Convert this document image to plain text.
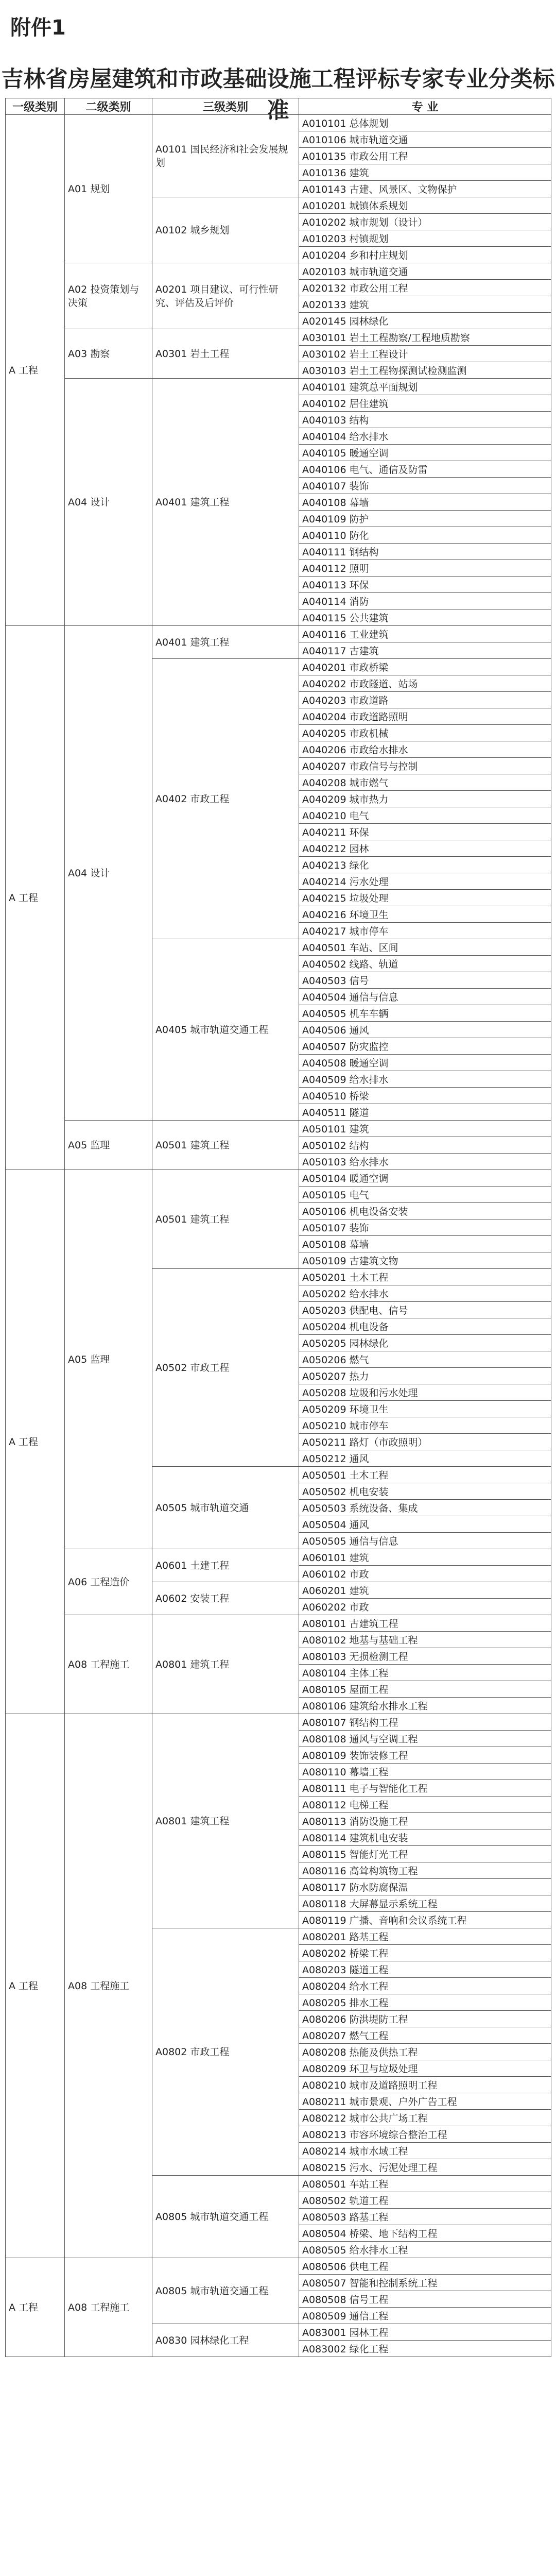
附件1
吉林省房屋建筑和市政基础设施工程评标专家专业分类标准
一级类别	二级类别	三级类别	专 业
A 工程	A01 规划	A0101 国民经济和社会发展规划	A010101 总体规划
			A010106 城市轨道交通
			A010135 市政公用工程
			A010136 建筑
			A010143 古建、风景区、文物保护
		A0102 城乡规划	A010201 城镇体系规划
			A010202 城市规划（设计）
			A010203 村镇规划
			A010204 乡和村庄规划
	A02 投资策划与决策	A0201 项目建议、可行性研究、评估及后评价	A020103 城市轨道交通
			A020132 市政公用工程
			A020133 建筑
			A020145 园林绿化
	A03 勘察	A0301 岩土工程	A030101 岩土工程勘察/工程地质勘察
			A030102 岩土工程设计
			A030103 岩土工程物探测试检测监测
	A04 设计	A0401 建筑工程	A040101 建筑总平面规划
			A040102 居住建筑
			A040103 结构
			A040104 给水排水
			A040105 暖通空调
			A040106 电气、通信及防雷
			A040107 装饰
			A040108 幕墙
			A040109 防护
			A040110 防化
			A040111 钢结构
			A040112 照明
			A040113 环保
			A040114 消防
			A040115 公共建筑
A 工程	A04 设计	A0401 建筑工程	A040116 工业建筑
			A040117 古建筑
		A0402 市政工程	A040201 市政桥梁
			A040202 市政隧道、站场
			A040203 市政道路
			A040204 市政道路照明
			A040205 市政机械
			A040206 市政给水排水
			A040207 市政信号与控制
			A040208 城市燃气
			A040209 城市热力
			A040210 电气
			A040211 环保
			A040212 园林
			A040213 绿化
			A040214 污水处理
			A040215 垃圾处理
			A040216 环境卫生
			A040217 城市停车
		A0405 城市轨道交通工程	A040501 车站、区间
			A040502 线路、轨道
			A040503 信号
			A040504 通信与信息
			A040505 机车车辆
			A040506 通风
			A040507 防灾监控
			A040508 暖通空调
			A040509 给水排水
			A040510 桥梁
			A040511 隧道
	A05 监理	A0501 建筑工程	A050101 建筑
			A050102 结构
			A050103 给水排水
A 工程	A05 监理	A0501 建筑工程	A050104 暖通空调
			A050105 电气
			A050106 机电设备安装
			A050107 装饰
			A050108 幕墙
			A050109 古建筑文物
		A0502 市政工程	A050201 土木工程
			A050202 给水排水
			A050203 供配电、信号
			A050204 机电设备
			A050205 园林绿化
			A050206 燃气
			A050207 热力
			A050208 垃圾和污水处理
			A050209 环境卫生
			A050210 城市停车
			A050211 路灯（市政照明）
			A050212 通风
		A0505 城市轨道交通	A050501 土木工程
			A050502 机电安装
			A050503 系统设备、集成
			A050504 通风
			A050505 通信与信息
	A06 工程造价	A0601 土建工程	A060101 建筑
			A060102 市政
		A0602 安装工程	A060201 建筑
			A060202 市政
	A08 工程施工	A0801 建筑工程	A080101 古建筑工程
			A080102 地基与基础工程
			A080103 无损检测工程
			A080104 主体工程
			A080105 屋面工程
			A080106 建筑给水排水工程
A 工程	A08 工程施工	A0801 建筑工程	A080107 钢结构工程
			A080108 通风与空调工程
			A080109 装饰装修工程
			A080110 幕墙工程
			A080111 电子与智能化工程
			A080112 电梯工程
			A080113 消防设施工程
			A080114 建筑机电安装
			A080115 智能灯光工程
			A080116 高耸构筑物工程
			A080117 防水防腐保温
			A080118 大屏幕显示系统工程
			A080119 广播、音响和会议系统工程
		A0802 市政工程	A080201 路基工程
			A080202 桥梁工程
			A080203 隧道工程
			A080204 给水工程
			A080205 排水工程
			A080206 防洪堤防工程
			A080207 燃气工程
			A080208 热能及供热工程
			A080209 环卫与垃圾处理
			A080210 城市及道路照明工程
			A080211 城市景观、户外广告工程
			A080212 城市公共广场工程
			A080213 市容环境综合整治工程
			A080214 城市水域工程
			A080215 污水、污泥处理工程
		A0805 城市轨道交通工程	A080501 车站工程
			A080502 轨道工程
			A080503 路基工程
			A080504 桥梁、地下结构工程
			A080505 给水排水工程
A 工程	A08 工程施工	A0805 城市轨道交通工程	A080506 供电工程
			A080507 智能和控制系统工程
			A080508 信号工程
			A080509 通信工程
		A0830 园林绿化工程	A083001 园林工程
			A083002 绿化工程
